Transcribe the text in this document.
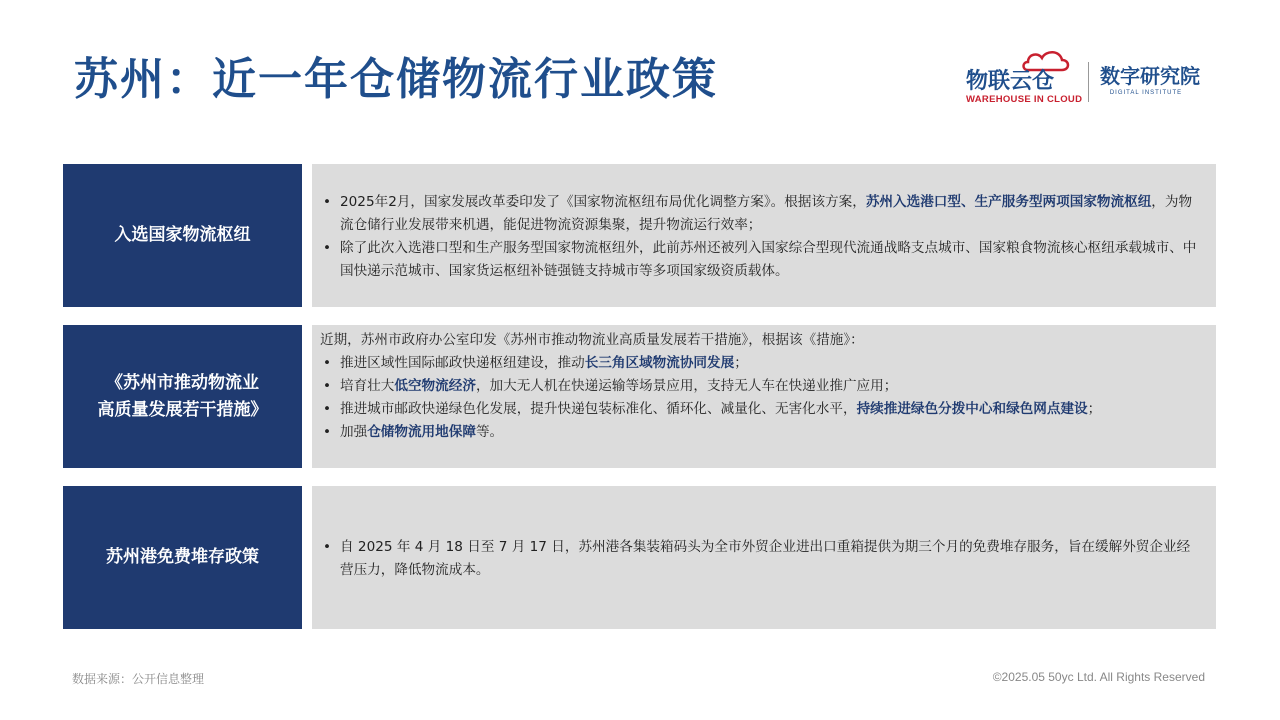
苏州：近一年仓储物流行业政策	物联云仓
WAREHOUSE IN CLOUD
数字研究院
DIGITAL INSTITUTE
入选国家物流枢纽
• 2025年2月，国家发展改革委印发了《国家物流枢纽布局优化调整方案》。根据该方案，苏州入选港口型、生产服务型两项国家物流枢纽，为物流仓储行业发展带来机遇，能促进物流资源集聚，提升物流运行效率；
• 除了此次入选港口型和生产服务型国家物流枢纽外，此前苏州还被列入国家综合型现代流通战略支点城市、国家粮食物流核心枢纽承载城市、中国快递示范城市、国家货运枢纽补链强链支持城市等多项国家级资质载体。
《苏州市推动物流业
高质量发展若干措施》

近期，苏州市政府办公室印发《苏州市推动物流业高质量发展若干措施》，根据该《措施》：

• 推进区域性国际邮政快递枢纽建设，推动长三角区域物流协同发展；
• 培育壮大低空物流经济，加大无人机在快递运输等场景应用，支持无人车在快递业推广应用；
• 推进城市邮政快递绿色化发展，提升快递包装标准化、循环化、减量化、无害化水平，持续推进绿色分拨中心和绿色网点建设；
• 加强仓储物流用地保障等。
苏州港免费堆存政策
•	自 2025 年 4 月 18 日至 7 月 17 日，苏州港各集装箱码头为全市外贸企业进出口重箱提供为期三个月的免费堆存服务，旨在缓解外贸企业经营压力，降低物流成本。
数据来源：公开信息整理	©2025.05 50yc Ltd. All Rights Reserved
